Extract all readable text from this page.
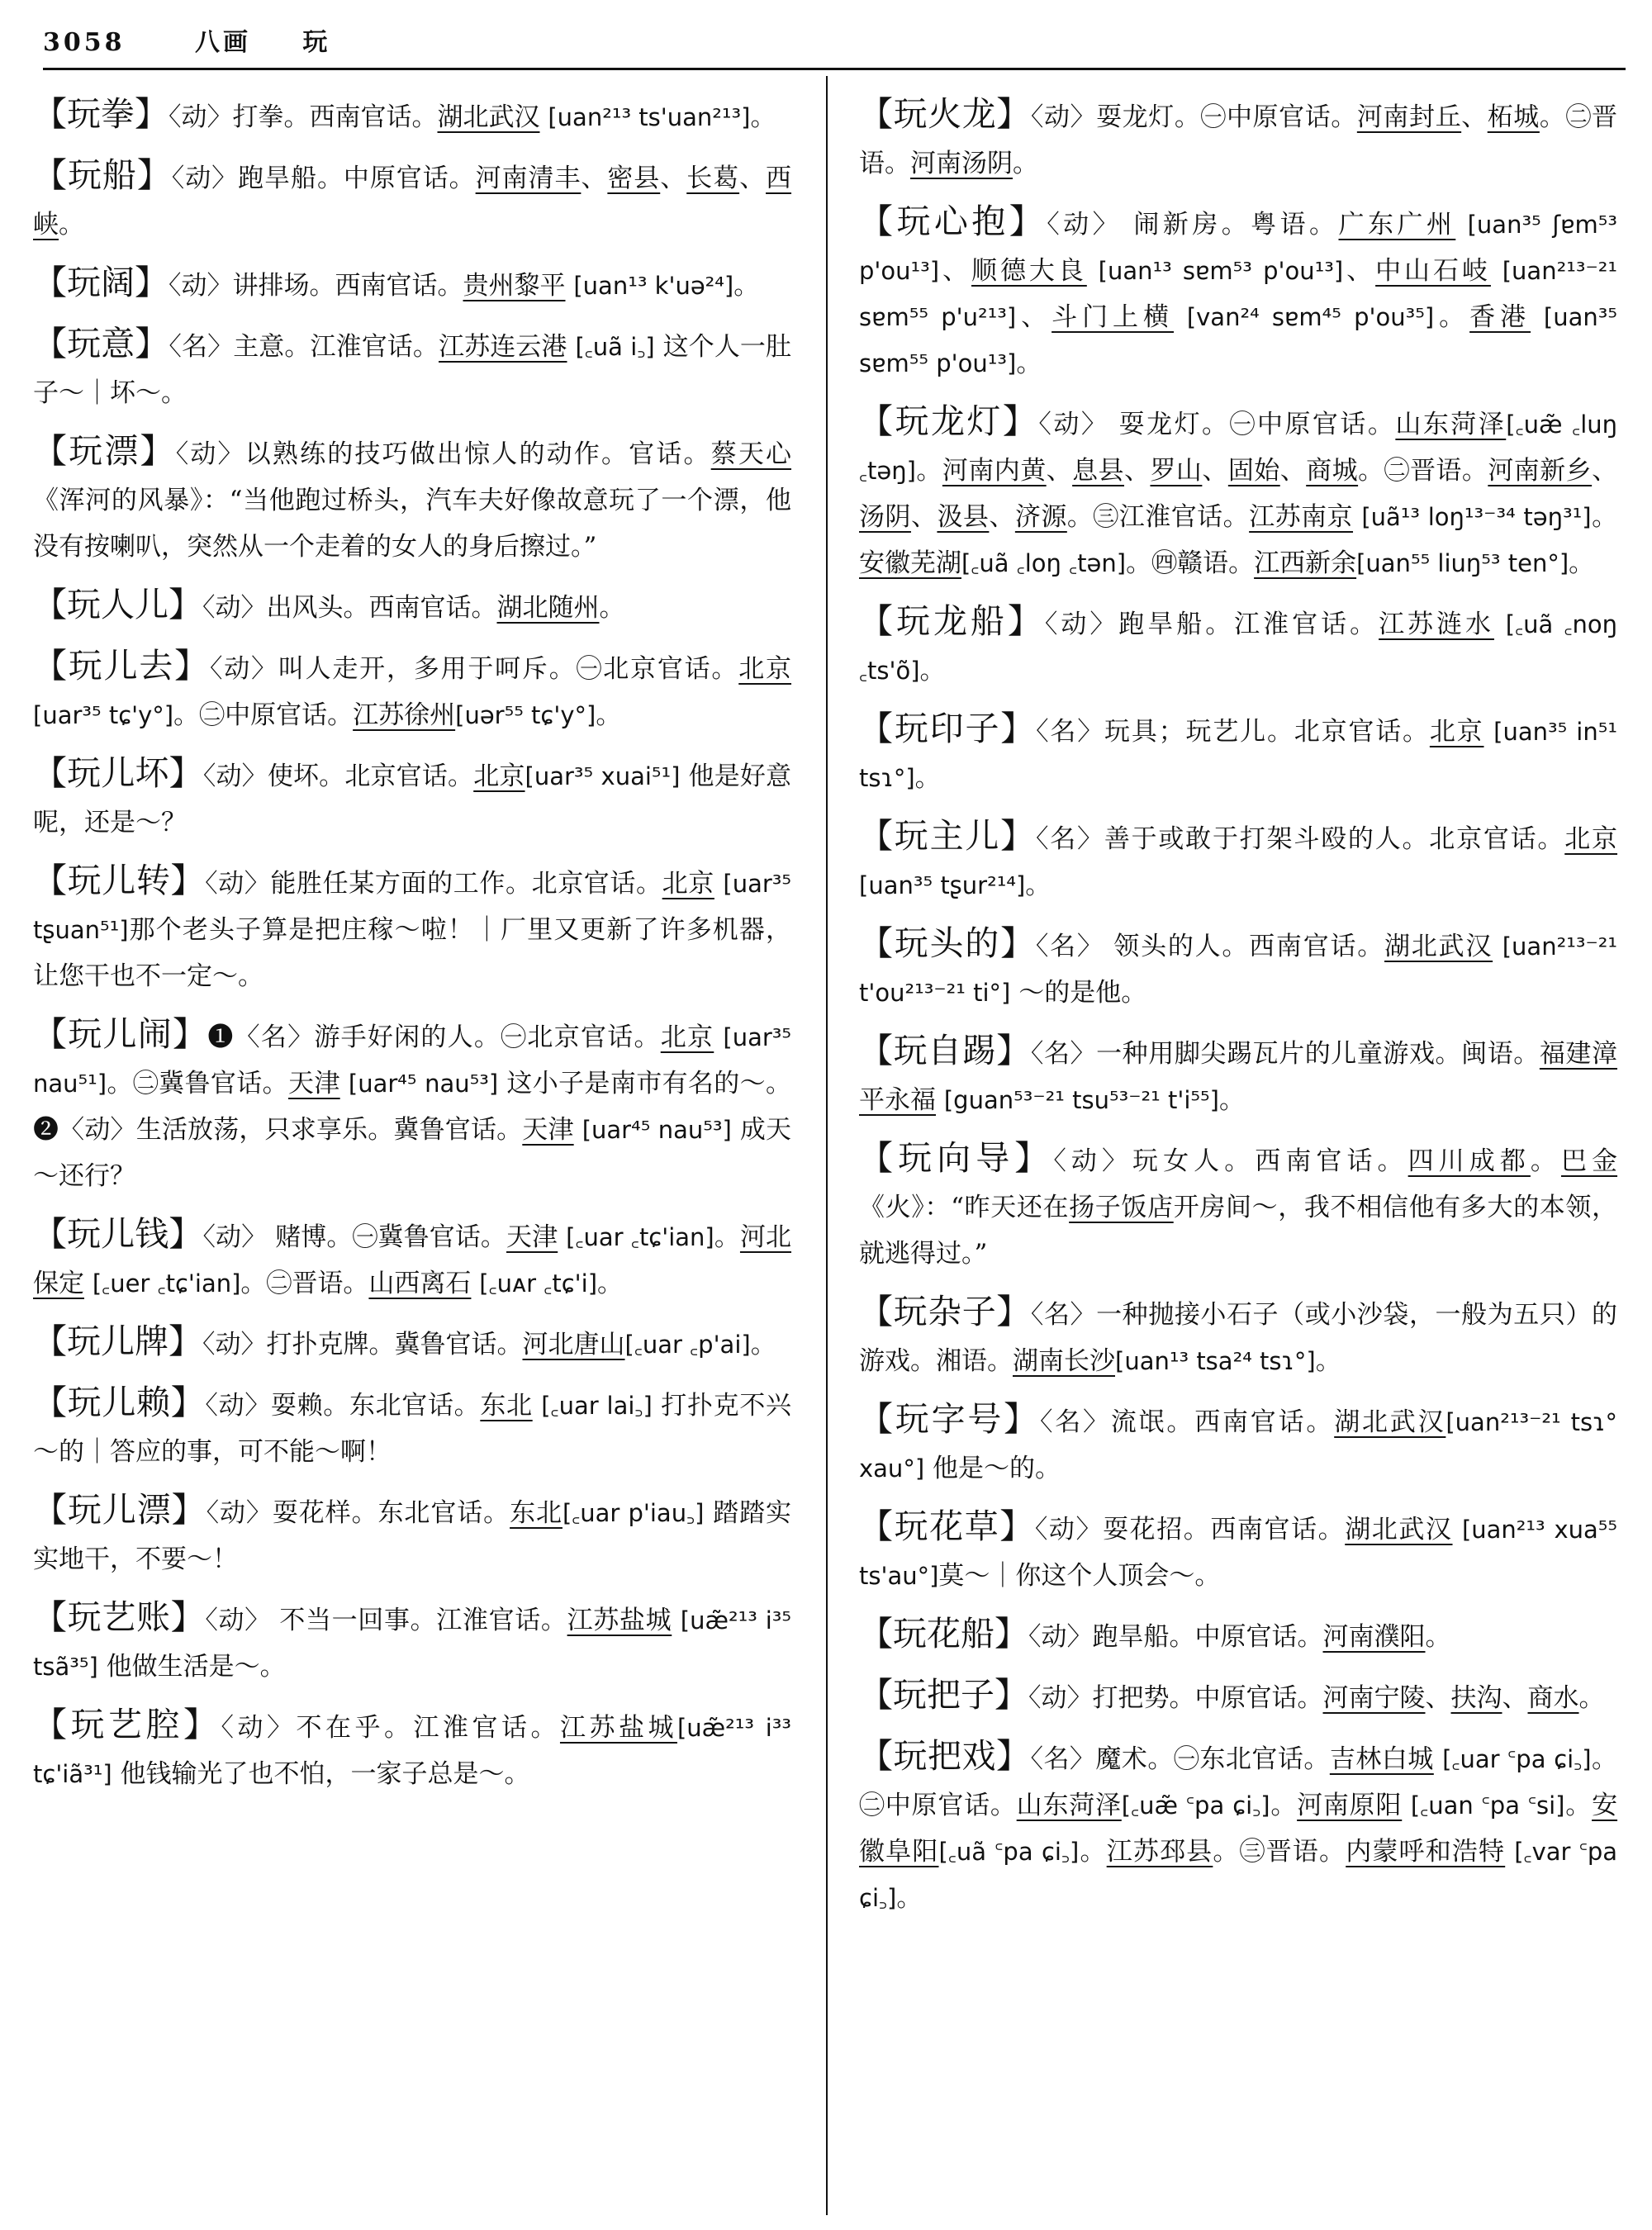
3058	八画 玩
【玩拳】〈动〉打拳。西南官话。湖北武汉 [uan²¹³ ts'uan²¹³]。
【玩船】〈动〉跑旱船。中原官话。河南清丰、密县、长葛、西峡。
【玩阔】〈动〉讲排场。西南官话。贵州黎平 [uan¹³ k'uə²⁴]。
【玩意】〈名〉主意。江淮官话。江苏连云港 [꜀uã i꜆] 这个人一肚子～｜坏～。
【玩漂】〈动〉以熟练的技巧做出惊人的动作。官话。蔡天心《浑河的风暴》：“当他跑过桥头，汽车夫好像故意玩了一个漂，他没有按喇叭，突然从一个走着的女人的身后擦过。”
【玩人儿】〈动〉出风头。西南官话。湖北随州。
【玩儿去】〈动〉叫人走开，多用于呵斥。㊀北京官话。北京 [uar³⁵ tɕ'y°]。㊁中原官话。江苏徐州[uər⁵⁵ tɕ'y°]。
【玩儿坏】〈动〉使坏。北京官话。北京[uar³⁵ xuai⁵¹] 他是好意呢，还是～？
【玩儿转】〈动〉能胜任某方面的工作。北京官话。北京 [uar³⁵ tʂuan⁵¹]那个老头子算是把庄稼～啦！｜厂里又更新了许多机器，让您干也不一定～。
【玩儿闹】❶〈名〉游手好闲的人。㊀北京官话。北京 [uar³⁵ nau⁵¹]。㊁冀鲁官话。天津 [uar⁴⁵ nau⁵³] 这小子是南市有名的～。❷〈动〉生活放荡，只求享乐。冀鲁官话。天津 [uar⁴⁵ nau⁵³] 成天～还行？
【玩儿钱】〈动〉 赌博。㊀冀鲁官话。天津 [꜀uar ꜀tɕ'ian]。河北保定 [꜀uer ꜀tɕ'ian]。㊁晋语。山西离石 [꜀uᴀr ꜀tɕ'i]。
【玩儿牌】〈动〉打扑克牌。冀鲁官话。河北唐山[꜀uar ꜀p'ai]。
【玩儿赖】〈动〉耍赖。东北官话。东北 [꜀uar lai꜆] 打扑克不兴～的｜答应的事，可不能～啊！
【玩儿漂】〈动〉耍花样。东北官话。东北[꜀uar p'iau꜆] 踏踏实实地干，不要～！
【玩艺账】〈动〉 不当一回事。江淮官话。江苏盐城 [uæ̃²¹³ i³⁵ tsã³⁵] 他做生活是～。
【玩艺腔】〈动〉不在乎。江淮官话。江苏盐城[uæ̃²¹³ i³³ tɕ'iã³¹] 他钱输光了也不怕，一家子总是～。
【玩火龙】〈动〉耍龙灯。㊀中原官话。河南封丘、柘城。㊁晋语。河南汤阴。
【玩心抱】〈动〉 闹新房。粤语。广东广州 [uan³⁵ ʃɐm⁵³ p'ou¹³]、顺德大良 [uan¹³ sɐm⁵³ p'ou¹³]、中山石岐 [uan²¹³⁻²¹ sɐm⁵⁵ p'u²¹³]、斗门上横 [van²⁴ sɐm⁴⁵ p'ou³⁵]。香港 [uan³⁵ sɐm⁵⁵ p'ou¹³]。
【玩龙灯】〈动〉 耍龙灯。㊀中原官话。山东菏泽[꜀uæ̃ ꜀luŋ ꜀təŋ]。河南内黄、息县、罗山、固始、商城。㊁晋语。河南新乡、汤阴、汲县、济源。㊂江淮官话。江苏南京 [uã¹³ loŋ¹³⁻³⁴ təŋ³¹]。安徽芜湖[꜀uã ꜀loŋ ꜀tən]。㊃赣语。江西新余[uan⁵⁵ liuŋ⁵³ ten°]。
【玩龙船】〈动〉跑旱船。江淮官话。江苏涟水 [꜀uã ꜀noŋ ꜀ts'õ]。
【玩印子】〈名〉玩具；玩艺儿。北京官话。北京 [uan³⁵ in⁵¹ tsɿ°]。
【玩主儿】〈名〉善于或敢于打架斗殴的人。北京官话。北京 [uan³⁵ tʂur²¹⁴]。
【玩头的】〈名〉 领头的人。西南官话。湖北武汉 [uan²¹³⁻²¹ t'ou²¹³⁻²¹ ti°] ～的是他。
【玩自踢】〈名〉一种用脚尖踢瓦片的儿童游戏。闽语。福建漳平永福 [guan⁵³⁻²¹ tsu⁵³⁻²¹ t'i⁵⁵]。
【玩向导】〈动〉玩女人。西南官话。四川成都。巴金《火》：“昨天还在扬子饭店开房间～，我不相信他有多大的本领，就逃得过。”
【玩杂子】〈名〉一种抛接小石子（或小沙袋，一般为五只）的游戏。湘语。湖南长沙[uan¹³ tsa²⁴ tsɿ°]。
【玩字号】〈名〉流氓。西南官话。湖北武汉[uan²¹³⁻²¹ tsɿ° xau°] 他是～的。
【玩花草】〈动〉耍花招。西南官话。湖北武汉 [uan²¹³ xua⁵⁵ ts'au°]莫～｜你这个人顶会～。
【玩花船】〈动〉跑旱船。中原官话。河南濮阳。
【玩把子】〈动〉打把势。中原官话。河南宁陵、扶沟、商水。
【玩把戏】〈名〉魔术。㊀东北官话。吉林白城 [꜀uar ꜂pa ɕi꜆]。㊁中原官话。山东菏泽[꜀uæ̃ ꜂pa ɕi꜆]。河南原阳 [꜀uan ꜂pa ꜂si]。安徽阜阳[꜀uã ꜂pa ɕi꜆]。江苏邳县。㊂晋语。内蒙呼和浩特 [꜀var ꜂pa ɕi꜆]。
